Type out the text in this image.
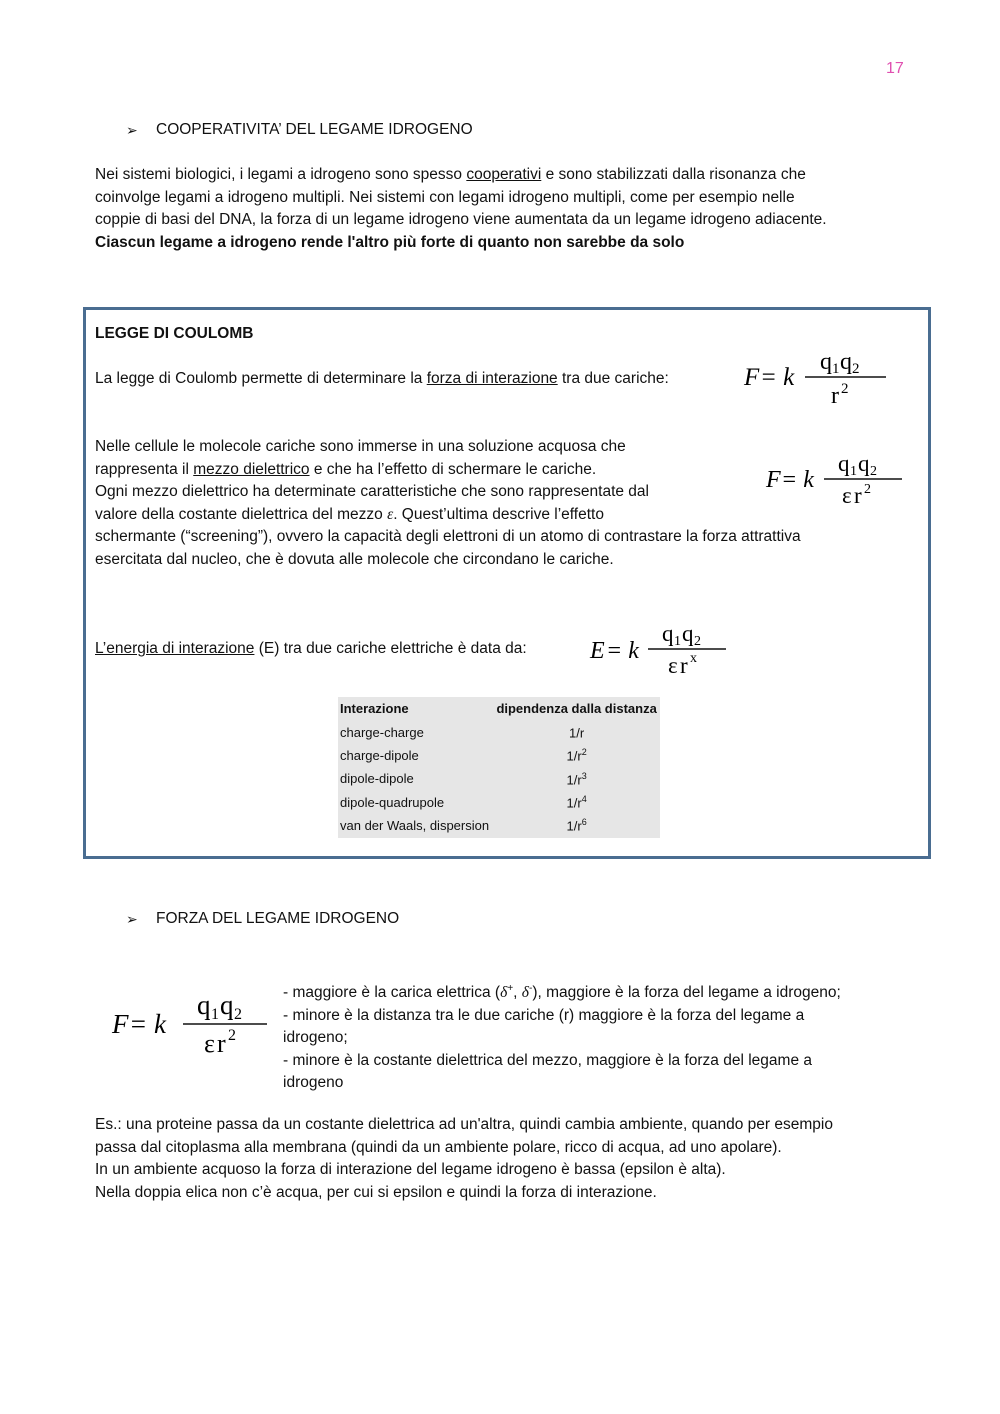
17
➢	COOPERATIVITA’ DEL LEGAME IDROGENO
Nei sistemi biologici, i legami a idrogeno sono spesso cooperativi e sono stabilizzati dalla risonanza che
coinvolge legami a idrogeno multipli. Nei sistemi con legami idrogeno multipli, come per esempio nelle
coppie di basi del DNA, la forza di un legame idrogeno viene aumentata da un legame idrogeno adiacente.
Ciascun legame a idrogeno rende l'altro più forte di quanto non sarebbe da solo
LEGGE DI COULOMB
La legge di Coulomb permette di determinare la forza di interazione tra due cariche:	F = k
q 1 q 2
r 2
Nelle cellule le molecole cariche sono immerse in una soluzione acquosa che
rappresenta il mezzo dielettrico e che ha l’effetto di schermare le cariche.
Ogni mezzo dielettrico ha determinate caratteristiche che sono rappresentate dal
valore della costante dielettrica del mezzo ε. Quest’ultima descrive l’effetto
schermante (“screening”), ovvero la capacità degli elettroni di un atomo di contrastare la forza attrattiva
esercitata dal nucleo, che è dovuta alle molecole che circondano le cariche.
F = k
q 1 q 2
ε r 2
L’energia di interazione (E) tra due cariche elettriche è data da:	E = k
q 1 q 2
ε r x
Interazione	dipendenza dalla distanza
charge-charge	1/r
charge-dipole	$1/r^2$
dipole-dipole	$1/r^3$
dipole-quadrupole	$1/r^4$
van der Waals, dispersion	$1/r^6$
➢	FORZA DEL LEGAME IDROGENO
F = k
q 1 q 2
ε r 2
- maggiore è la carica elettrica (δ+, δ-), maggiore è la forza del legame a idrogeno;
- minore è la distanza tra le due cariche (r) maggiore è la forza del legame a
idrogeno;
- minore è la costante dielettrica del mezzo, maggiore è la forza del legame a
idrogeno
Es.: una proteine passa da un costante dielettrica ad un'altra, quindi cambia ambiente, quando per esempio
passa dal citoplasma alla membrana (quindi da un ambiente polare, ricco di acqua, ad uno apolare).
In un ambiente acquoso la forza di interazione del legame idrogeno è bassa (epsilon è alta).
Nella doppia elica non c’è acqua, per cui si epsilon e quindi la forza di interazione.
